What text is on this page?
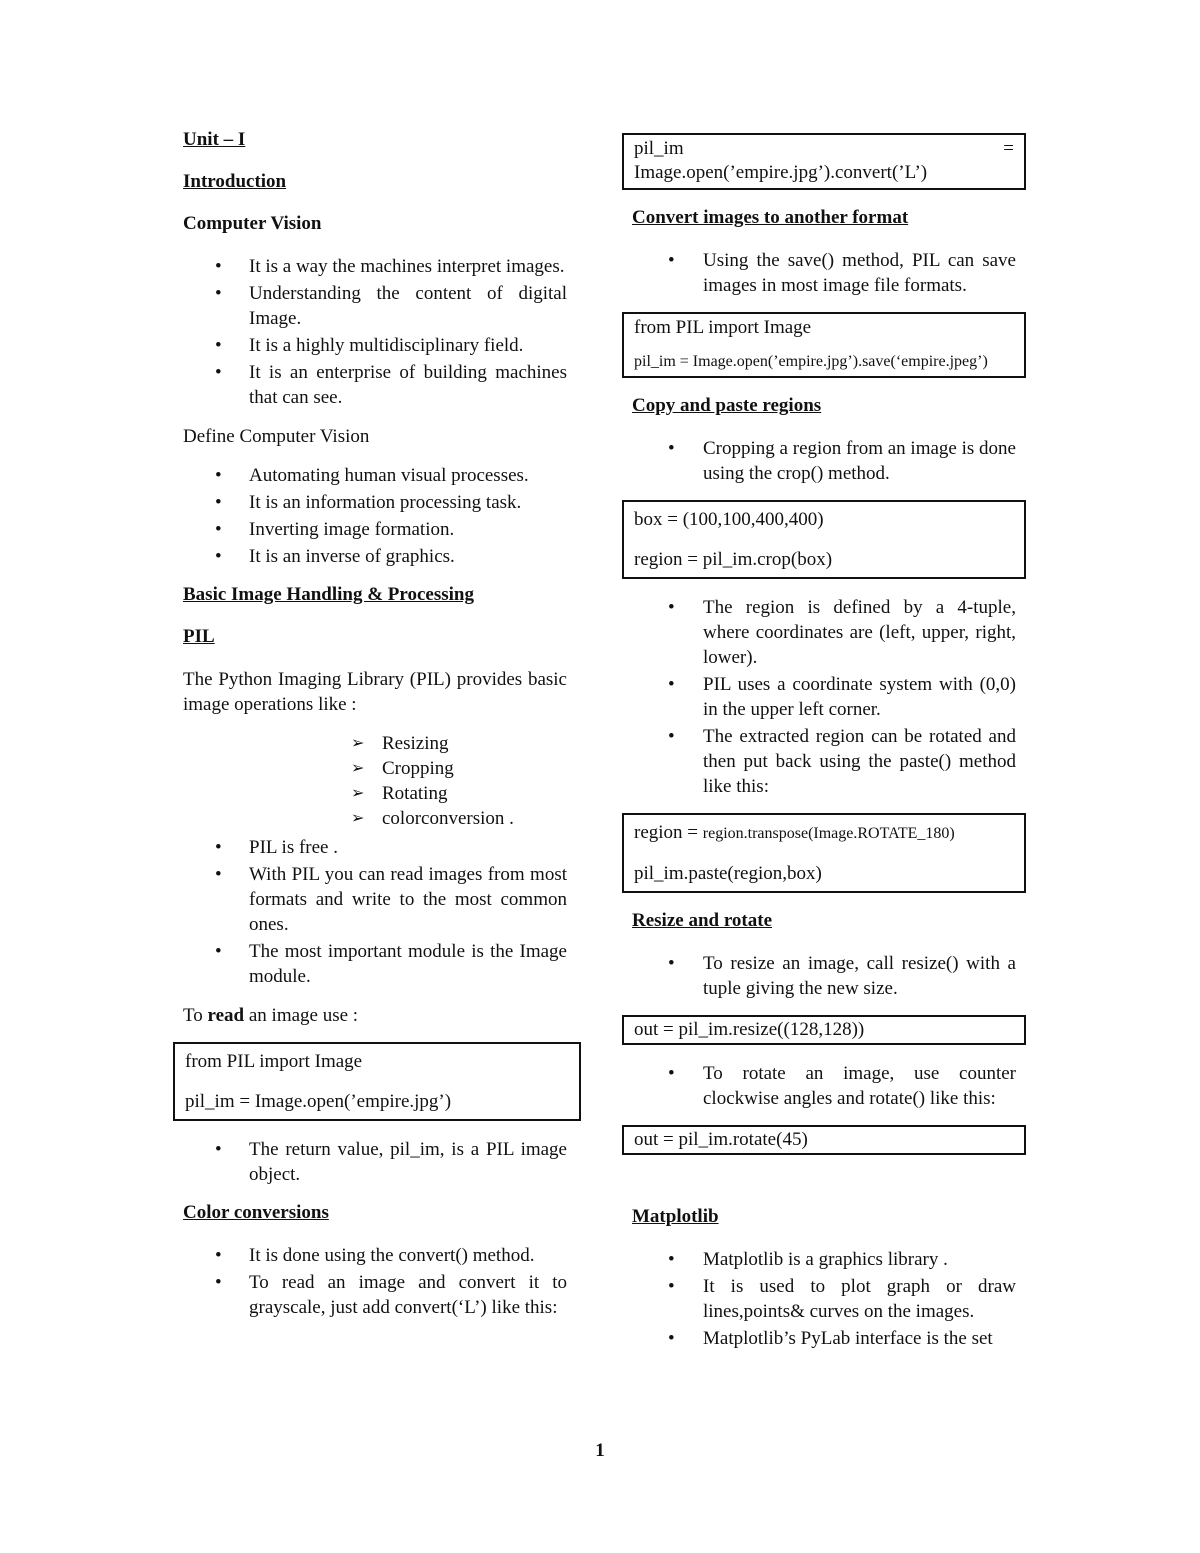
Unit – I
Introduction
Computer Vision
• It is a way the machines interpret images.
• Understanding the content of digital Image.
• It is a highly multidisciplinary field.
• It is an enterprise of building machines that can see.
Define Computer Vision
• Automating human visual processes.
• It is an information processing task.
• Inverting image formation.
• It is an inverse of graphics.
Basic Image Handling & Processing
PIL
The Python Imaging Library (PIL) provides basic image operations like :
➢ Resizing
➢ Cropping
➢ Rotating
➢ colorconversion .
• PIL is free .
• With PIL you can read images from most formats and write to the most common ones.
• The most important module is the Image module.
To read an image use :
from PIL import Image
pil_im = Image.open(’empire.jpg’)
• The return value, pil_im, is a PIL image object.
Color conversions
• It is done using the convert() method.
• To read an image and convert it to grayscale, just add convert(‘L’) like this:
pil_im	=
Image.open(’empire.jpg’).convert(’L’)
Convert images to another format
• Using the save() method, PIL can save images in most image file formats.
from PIL import Image
pil_im = Image.open(’empire.jpg’).save(‘empire.jpeg’)
Copy and paste regions
• Cropping a region from an image is done using the crop() method.
box = (100,100,400,400)
region = pil_im.crop(box)
• The region is defined by a 4-tuple, where coordinates are (left, upper, right, lower).
• PIL uses a coordinate system with (0,0) in the upper left corner.
• The extracted region can be rotated and then put back using the paste() method like this:
region = region.transpose(Image.ROTATE_180)
pil_im.paste(region,box)
Resize and rotate
• To resize an image, call resize() with a tuple giving the new size.
out = pil_im.resize((128,128))
• To rotate an image, use counter clockwise angles and rotate() like this:
out = pil_im.rotate(45)
Matplotlib
• Matplotlib is a graphics library .
• It is used to plot graph or draw lines,points& curves on the images.
• Matplotlib’s PyLab interface is the set
1
